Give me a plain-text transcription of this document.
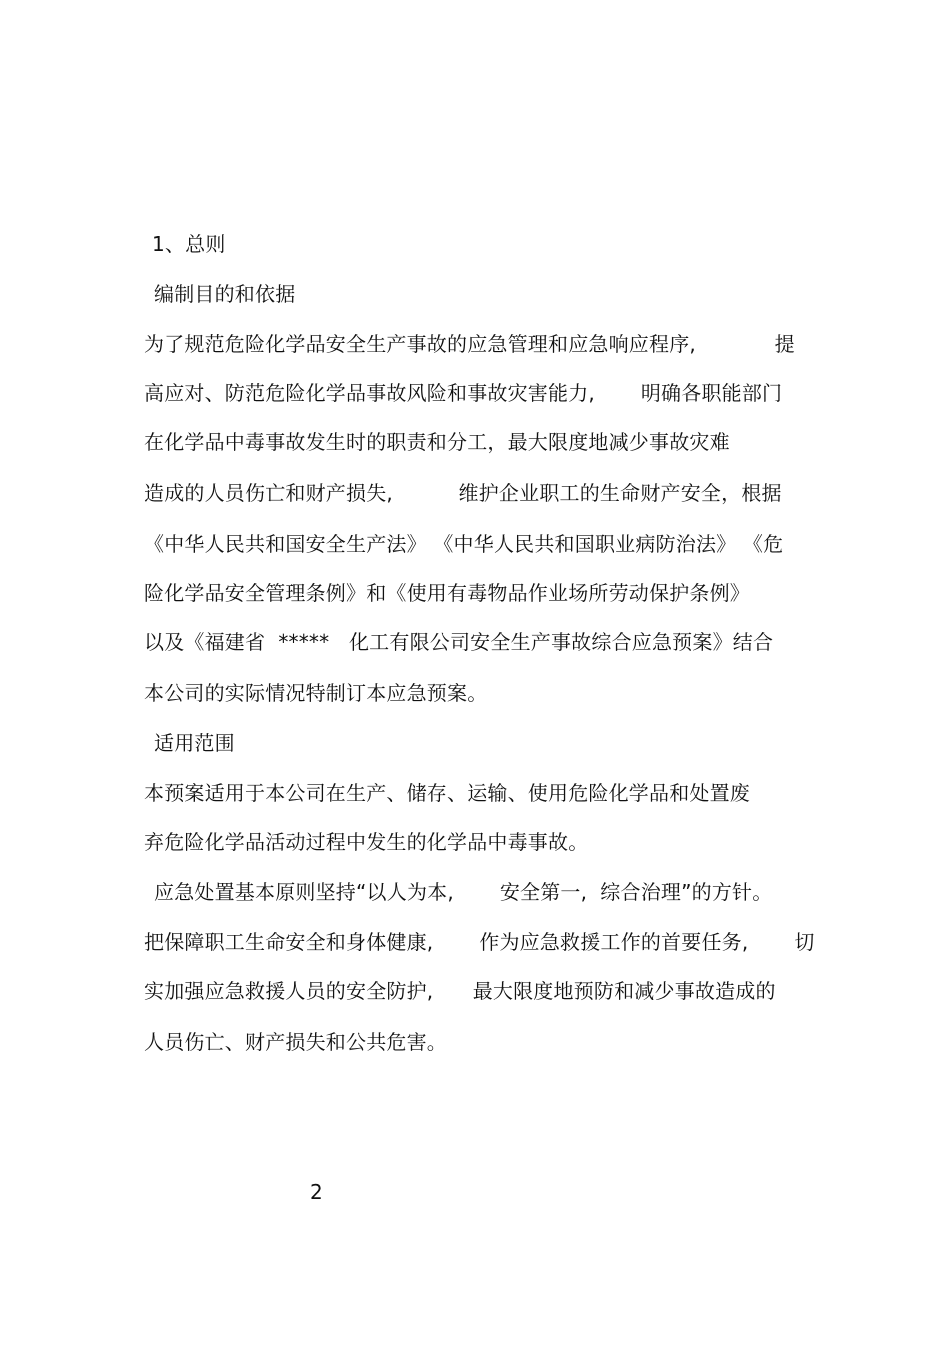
1、总则
编制目的和依据
为了规范危险化学品安全生产事故的应急管理和应急响应程序,            提
高应对、防范危险化学品事故风险和事故灾害能力,       明确各职能部门
在化学品中毒事故发生时的职责和分工，最大限度地减少事故灾难
造成的人员伤亡和财产损失,          维护企业职工的生命财产安全，根据
《中华人民共和国安全生产法》 《中华人民共和国职业病防治法》 《危
险化学品安全管理条例》和《使用有毒物品作业场所劳动保护条例》
以及《福建省  *****   化工有限公司安全生产事故综合应急预案》结合
本公司的实际情况特制订本应急预案。
适用范围
本预案适用于本公司在生产、储存、运输、使用危险化学品和处置废
弃危险化学品活动过程中发生的化学品中毒事故。
应急处置基本原则坚持“以人为本,       安全第一,  综合治理”的方针。
把保障职工生命安全和身体健康,       作为应急救援工作的首要任务,       切
实加强应急救援人员的安全防护,      最大限度地预防和减少事故造成的
人员伤亡、财产损失和公共危害。
2
